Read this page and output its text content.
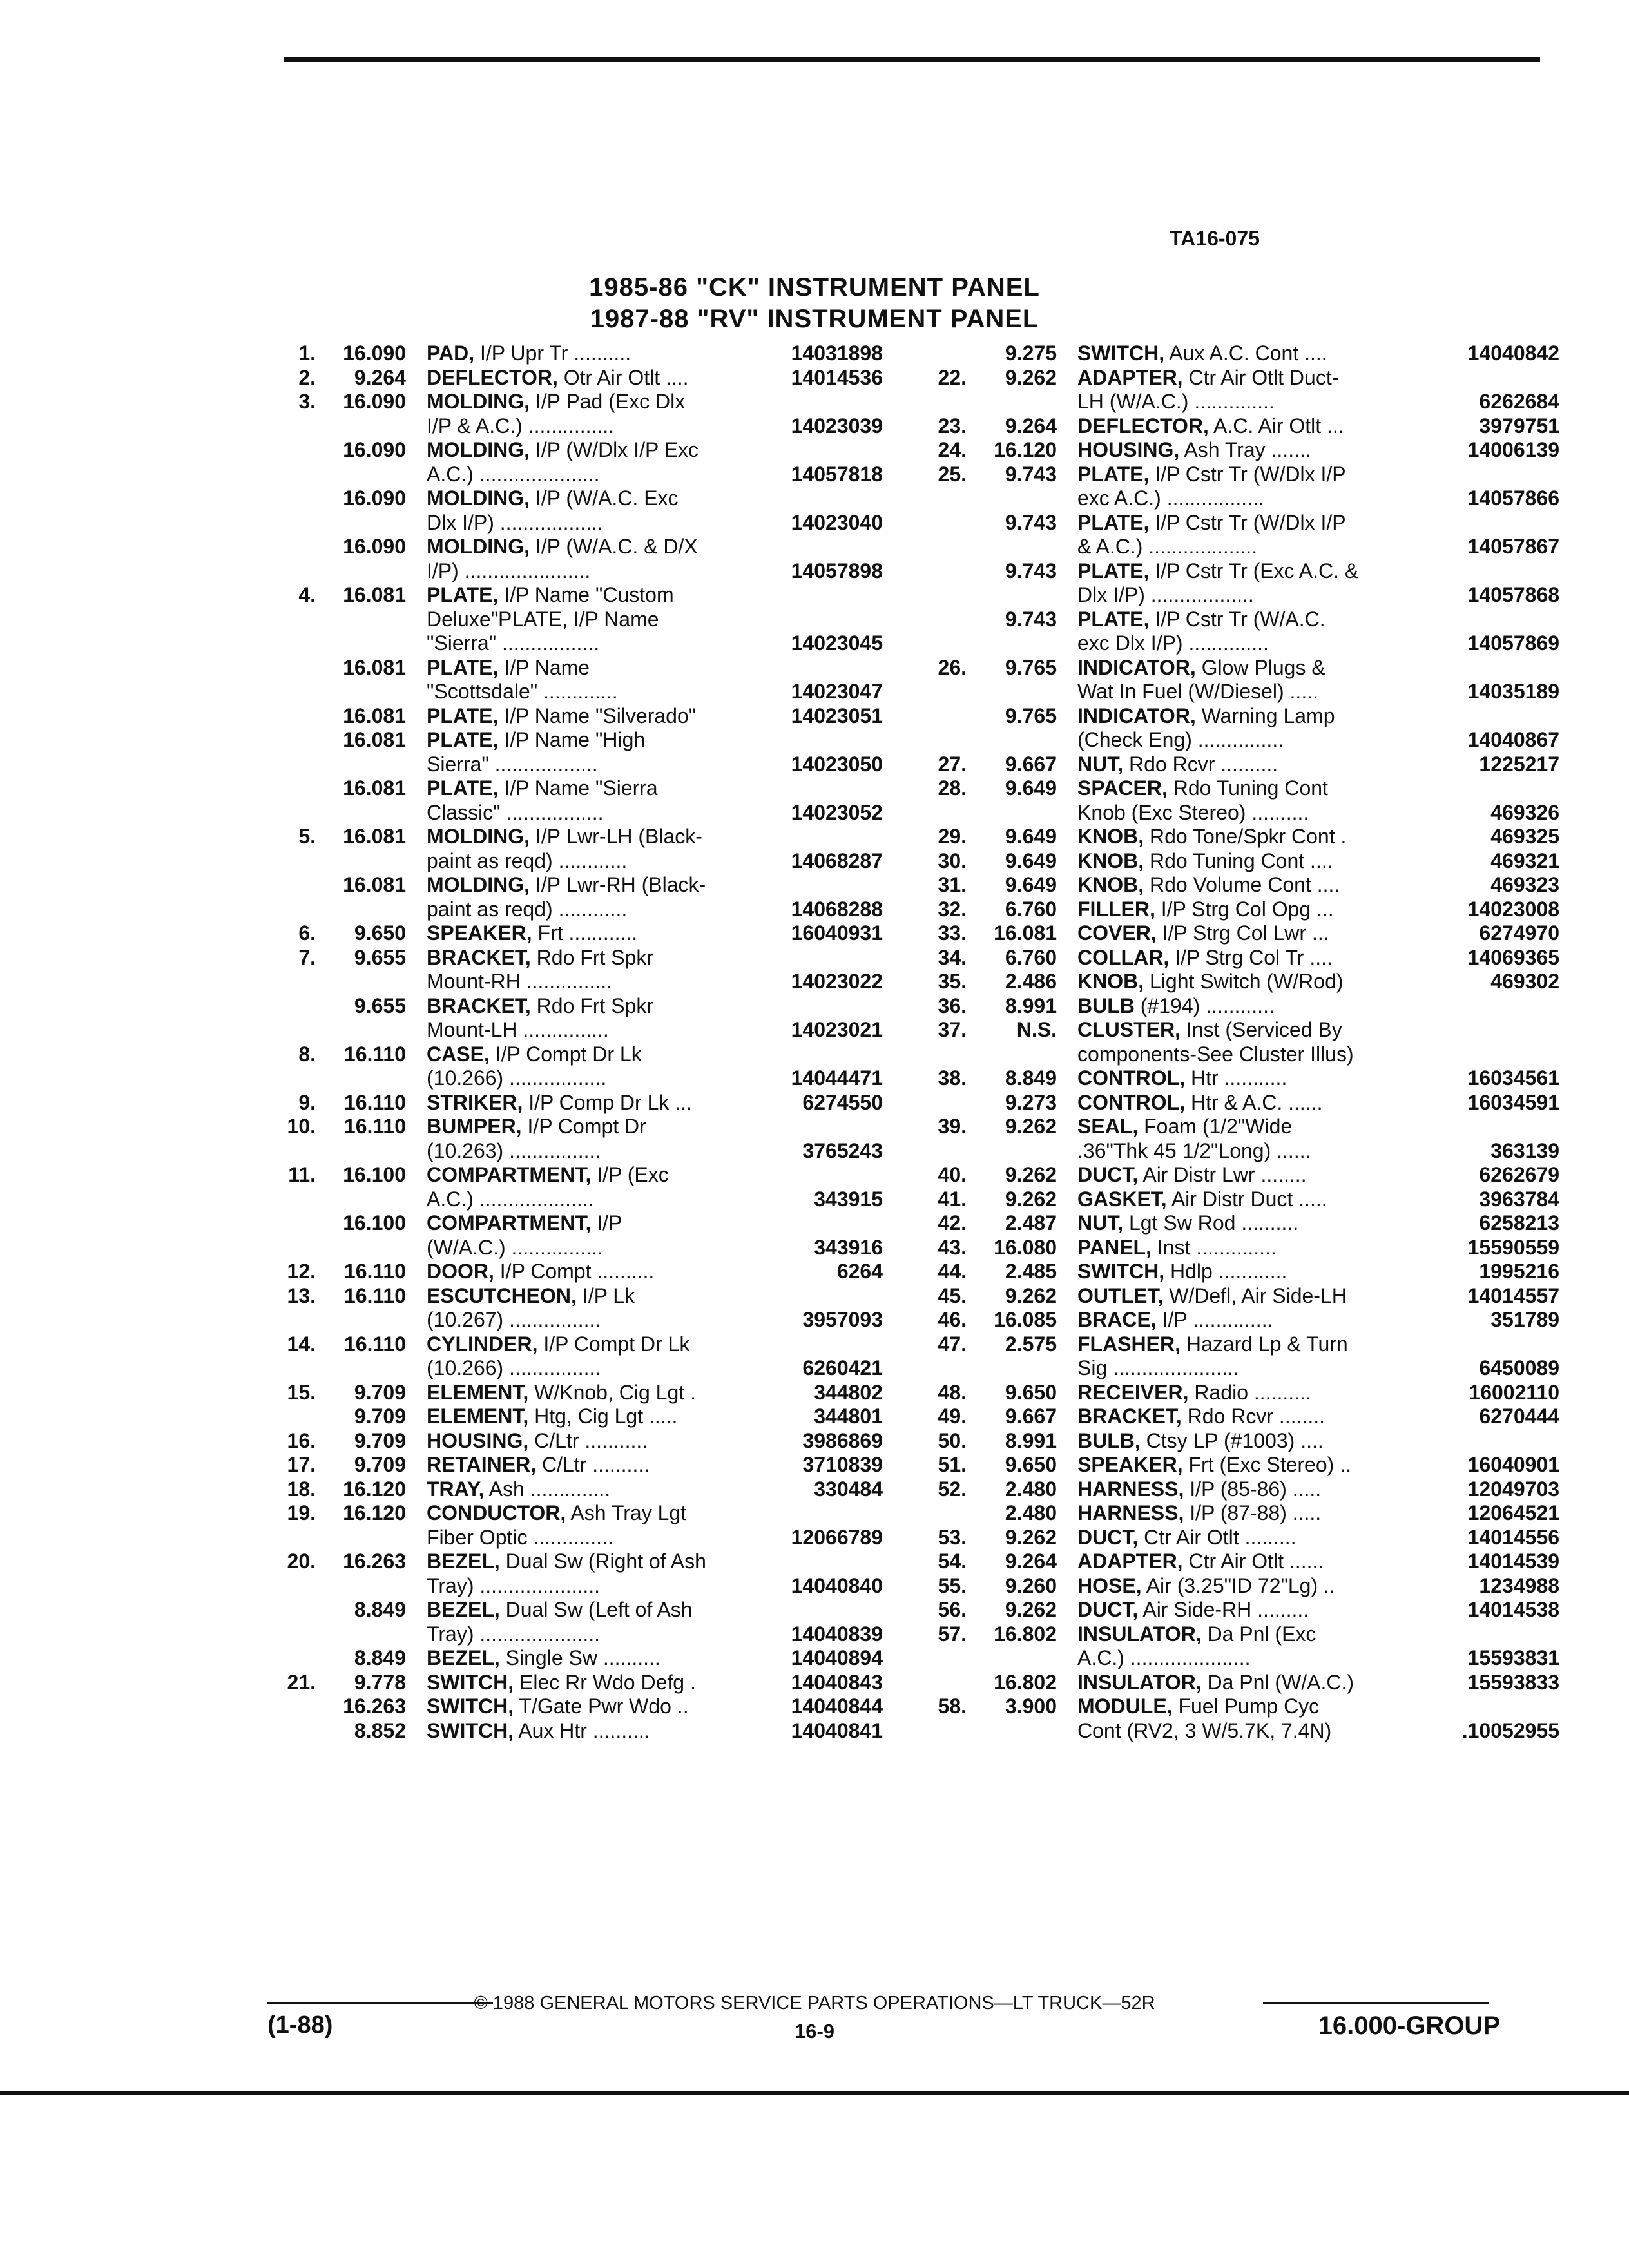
TA16-075
1985-86 "CK" INSTRUMENT PANEL
1987-88 "RV" INSTRUMENT PANEL
1.	16.090	PAD, I/P Upr Tr ..........	14031898
2.	9.264	DEFLECTOR, Otr Air Otlt ....	14014536
3.	16.090	MOLDING, I/P Pad (Exc Dlx
I/P & A.C.) ...............	14023039
16.090	MOLDING, I/P (W/Dlx I/P Exc
A.C.) .....................	14057818
16.090	MOLDING, I/P (W/A.C. Exc
Dlx I/P) ..................	14023040
16.090	MOLDING, I/P (W/A.C. & D/X
I/P) ......................	14057898
4.	16.081	PLATE, I/P Name "Custom
Deluxe"PLATE, I/P Name
"Sierra" .................	14023045
16.081	PLATE, I/P Name
"Scottsdale" .............	14023047
16.081	PLATE, I/P Name "Silverado"	14023051
16.081	PLATE, I/P Name "High
Sierra" ..................	14023050
16.081	PLATE, I/P Name "Sierra
Classic" .................	14023052
5.	16.081	MOLDING, I/P Lwr-LH (Black-
paint as reqd) ............	14068287
16.081	MOLDING, I/P Lwr-RH (Black-
paint as reqd) ............	14068288
6.	9.650	SPEAKER, Frt ............	16040931
7.	9.655	BRACKET, Rdo Frt Spkr
Mount-RH ...............	14023022
9.655	BRACKET, Rdo Frt Spkr
Mount-LH ...............	14023021
8.	16.110	CASE, I/P Compt Dr Lk
(10.266) .................	14044471
9.	16.110	STRIKER, I/P Comp Dr Lk ...	6274550
10.	16.110	BUMPER, I/P Compt Dr
(10.263) ................	3765243
11.	16.100	COMPARTMENT, I/P (Exc
A.C.) ....................	343915
16.100	COMPARTMENT, I/P
(W/A.C.) ................	343916
12.	16.110	DOOR, I/P Compt ..........	6264
13.	16.110	ESCUTCHEON, I/P Lk
(10.267) ................	3957093
14.	16.110	CYLINDER, I/P Compt Dr Lk
(10.266) ................	6260421
15.	9.709	ELEMENT, W/Knob, Cig Lgt .	344802
9.709	ELEMENT, Htg, Cig Lgt .....	344801
16.	9.709	HOUSING, C/Ltr ...........	3986869
17.	9.709	RETAINER, C/Ltr ..........	3710839
18.	16.120	TRAY, Ash ..............	330484
19.	16.120	CONDUCTOR, Ash Tray Lgt
Fiber Optic ..............	12066789
20.	16.263	BEZEL, Dual Sw (Right of Ash
Tray) .....................	14040840
8.849	BEZEL, Dual Sw (Left of Ash
Tray) .....................	14040839
8.849	BEZEL, Single Sw ..........	14040894
21.	9.778	SWITCH, Elec Rr Wdo Defg .	14040843
16.263	SWITCH, T/Gate Pwr Wdo ..	14040844
8.852	SWITCH, Aux Htr ..........	14040841
9.275	SWITCH, Aux A.C. Cont ....	14040842
22.	9.262	ADAPTER, Ctr Air Otlt Duct-
LH (W/A.C.) ..............	6262684
23.	9.264	DEFLECTOR, A.C. Air Otlt ...	3979751
24.	16.120	HOUSING, Ash Tray .......	14006139
25.	9.743	PLATE, I/P Cstr Tr (W/Dlx I/P
exc A.C.) .................	14057866
9.743	PLATE, I/P Cstr Tr (W/Dlx I/P
& A.C.) ...................	14057867
9.743	PLATE, I/P Cstr Tr (Exc A.C. &
Dlx I/P) ..................	14057868
9.743	PLATE, I/P Cstr Tr (W/A.C.
exc Dlx I/P) ..............	14057869
26.	9.765	INDICATOR, Glow Plugs &
Wat In Fuel (W/Diesel) .....	14035189
9.765	INDICATOR, Warning Lamp
(Check Eng) ...............	14040867
27.	9.667	NUT, Rdo Rcvr ..........	1225217
28.	9.649	SPACER, Rdo Tuning Cont
Knob (Exc Stereo) ..........	469326
29.	9.649	KNOB, Rdo Tone/Spkr Cont .	469325
30.	9.649	KNOB, Rdo Tuning Cont ....	469321
31.	9.649	KNOB, Rdo Volume Cont ....	469323
32.	6.760	FILLER, I/P Strg Col Opg ...	14023008
33.	16.081	COVER, I/P Strg Col Lwr ...	6274970
34.	6.760	COLLAR, I/P Strg Col Tr ....	14069365
35.	2.486	KNOB, Light Switch (W/Rod)	469302
36.	8.991	BULB (#194) ............
37.	N.S.	CLUSTER, Inst (Serviced By
components-See Cluster Illus)
38.	8.849	CONTROL, Htr ...........	16034561
9.273	CONTROL, Htr & A.C. ......	16034591
39.	9.262	SEAL, Foam (1/2"Wide
.36"Thk 45 1/2"Long) ......	363139
40.	9.262	DUCT, Air Distr Lwr ........	6262679
41.	9.262	GASKET, Air Distr Duct .....	3963784
42.	2.487	NUT, Lgt Sw Rod ..........	6258213
43.	16.080	PANEL, Inst ..............	15590559
44.	2.485	SWITCH, Hdlp ............	1995216
45.	9.262	OUTLET, W/Defl, Air Side-LH	14014557
46.	16.085	BRACE, I/P ..............	351789
47.	2.575	FLASHER, Hazard Lp & Turn
Sig ......................	6450089
48.	9.650	RECEIVER, Radio ..........	16002110
49.	9.667	BRACKET, Rdo Rcvr ........	6270444
50.	8.991	BULB, Ctsy LP (#1003) ....
51.	9.650	SPEAKER, Frt (Exc Stereo) ..	16040901
52.	2.480	HARNESS, I/P (85-86) .....	12049703
2.480	HARNESS, I/P (87-88) .....	12064521
53.	9.262	DUCT, Ctr Air Otlt .........	14014556
54.	9.264	ADAPTER, Ctr Air Otlt ......	14014539
55.	9.260	HOSE, Air (3.25"ID 72"Lg) ..	1234988
56.	9.262	DUCT, Air Side-RH .........	14014538
57.	16.802	INSULATOR, Da Pnl (Exc
A.C.) .....................	15593831
16.802	INSULATOR, Da Pnl (W/A.C.)	15593833
58.	3.900	MODULE, Fuel Pump Cyc
Cont (RV2, 3 W/5.7K, 7.4N)	.10052955
© 1988 GENERAL MOTORS SERVICE PARTS OPERATIONS—LT TRUCK—52R
(1-88)	16-9	16.000-GROUP
